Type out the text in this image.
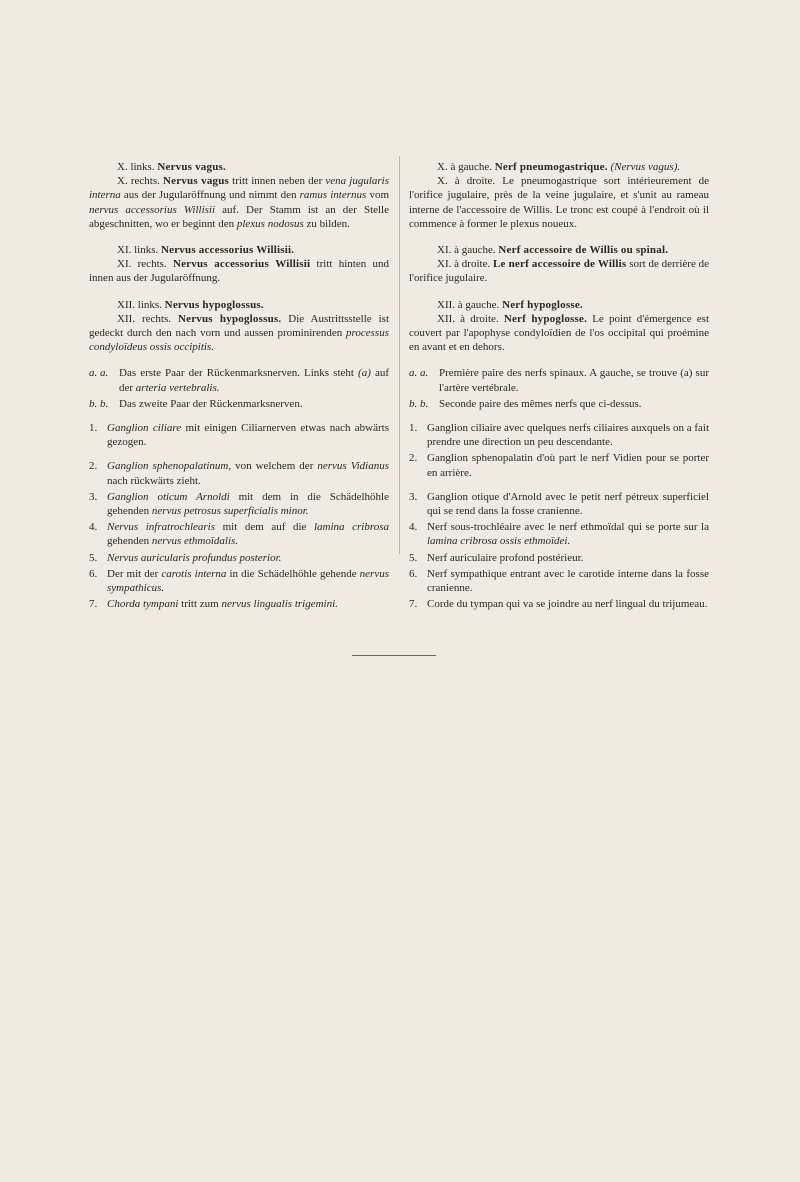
X. links. Nervus vagus.

X. rechts. Nervus vagus tritt innen neben der vena jugularis interna aus der Jugularöffnung und nimmt den ramus internus vom nervus accessorius Willisii auf. Der Stamm ist an der Stelle abgeschnitten, wo er beginnt den plexus nodosus zu bilden.

XI. links. Nervus accessorius Willisii.

XI. rechts. Nervus accessorius Willisii tritt hinten und innen aus der Jugularöffnung.

XII. links. Nervus hypoglossus.

XII. rechts. Nervus hypoglossus. Die Austrittsstelle ist gedeckt durch den nach vorn und aussen prominirenden processus condyloïdeus ossis occipitis.

a. a. Das erste Paar der Rückenmarksnerven. Links steht (a) auf der arteria vertebralis.

b. b. Das zweite Paar der Rückenmarksnerven.

1. Ganglion ciliare mit einigen Ciliarnerven etwas nach abwärts gezogen.

2. Ganglion sphenopalatinum, von welchem der nervus Vidianus nach rückwärts zieht.

3. Ganglion oticum Arnoldi mit dem in die Schädelhöhle gehenden nervus petrosus superficialis minor.

4. Nervus infratrochlearis mit dem auf die lamina cribrosa gehenden nervus ethmoïdalis.

5. Nervus auricularis profundus posterior.

6. Der mit der carotis interna in die Schädelhöhle gehende nervus sympathicus.

7. Chorda tympani tritt zum nervus lingualis trigemini.

X. à gauche. Nerf pneumogastrique. (Nervus vagus).

X. à droite. Le pneumogastrique sort intérieurement de l'orifice jugulaire, près de la veine jugulaire, et s'unit au rameau interne de l'accessoire de Willis. Le tronc est coupé à l'endroit où il commence à former le plexus noueux.

XI. à gauche. Nerf accessoire de Willis ou spinal.

XI. à droite. Le nerf accessoire de Willis sort de derrière de l'orifice jugulaire.

XII. à gauche. Nerf hypoglosse.

XII. à droite. Nerf hypoglosse. Le point d'émergence est couvert par l'apophyse condyloïdien de l'os occipital qui proémine en avant et en dehors.

a. a. Première paire des nerfs spinaux. A gauche, se trouve (a) sur l'artère vertébrale.

b. b. Seconde paire des mêmes nerfs que ci-dessus.

1. Ganglion ciliaire avec quelques nerfs ciliaires auxquels on a fait prendre une direction un peu descendante.

2. Ganglion sphenopalatin d'où part le nerf Vidien pour se porter en arrière.

3. Ganglion otique d'Arnold avec le petit nerf pétreux superficiel qui se rend dans la fosse cranienne.

4. Nerf sous-trochléaire avec le nerf ethmoïdal qui se porte sur la lamina cribrosa ossis ethmoïdei.

5. Nerf auriculaire profond postérieur.

6. Nerf sympathique entrant avec le carotide interne dans la fosse cranienne.

7. Corde du tympan qui va se joindre au nerf lingual du trijumeau.
